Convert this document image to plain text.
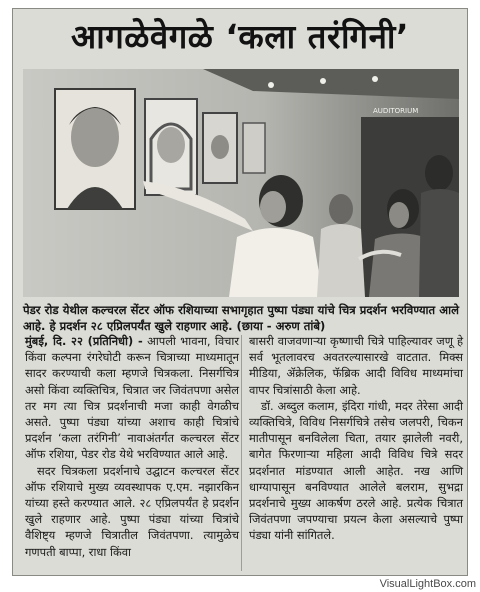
आगळेवेगळे ‘कला तरंगिनी’
AUDITORIUM
पेडर रोड येथील कल्चरल सेंटर ऑफ रशियाच्या सभागृहात पुष्पा पंड्या यांचे चित्र प्रदर्शन भरविण्यात आले आहे. हे प्रदर्शन २८ एप्रिलपर्यंत खुले राहणार आहे. (छाया - अरुण तांबे)

मुंबई, दि. २२ (प्रतिनिधी) - आपली भावना, विचार किंवा कल्पना रंगरेघोटी करून चित्राच्या माध्यमातून सादर करण्याची कला म्हणजे चित्रकला. निसर्गचित्र असो किंवा व्यक्तिचित्र, चित्रात जर जिवंतपणा असेल तर मग त्या चित्र प्रदर्शनाची मजा काही वेगळीच असते. पुष्पा पंड्या यांच्या अशाच काही चित्रांचे प्रदर्शन ‘कला तरंगिनी’ नावाअंतर्गत कल्चरल सेंटर ऑफ रशिया, पेडर रोड येथे भरविण्यात आले आहे.

सदर चित्रकला प्रदर्शनाचे उद्घाटन कल्चरल सेंटर ऑफ रशियाचे मुख्य व्यवस्थापक ए.एम. नझारकिन यांच्या हस्ते करण्यात आले. २८ एप्रिलपर्यंत हे प्रदर्शन खुले राहणार आहे. पुष्पा पंड्या यांच्या चित्रांचे वैशिष्ट्य म्हणजे चित्रातील जिवंतपणा. त्यामुळेच गणपती बाप्पा, राधा किंवा

बासरी वाजवणाऱ्या कृष्णाची चित्रे पाहिल्यावर जणू हे सर्व भूतलावरच अवतरल्यासारखे वाटतात. मिक्स मीडिया, ॲक्रेलिक, फॅब्रिक आदी विविध माध्यमांचा वापर चित्रांसाठी केला आहे.

डॉ. अब्दुल कलाम, इंदिरा गांधी, मदर तेरेसा आदी व्यक्तिचित्रे, विविध निसर्गचित्रे तसेच जलपरी, चिकन मातीपासून बनविलेला चिता, तयार झालेली नवरी, बागेत फिरणाऱ्या महिला आदी विविध चित्रे सदर प्रदर्शनात मांडण्यात आली आहेत. नख आणि धाग्यापासून बनविण्यात आलेले बलराम, सुभद्रा प्रदर्शनाचे मुख्य आकर्षण ठरले आहे. प्रत्येक चित्रात जिवंतपणा जपण्याचा प्रयत्न केला असल्याचे पुष्पा पंड्या यांनी सांगितले.

VisualLightBox.com
